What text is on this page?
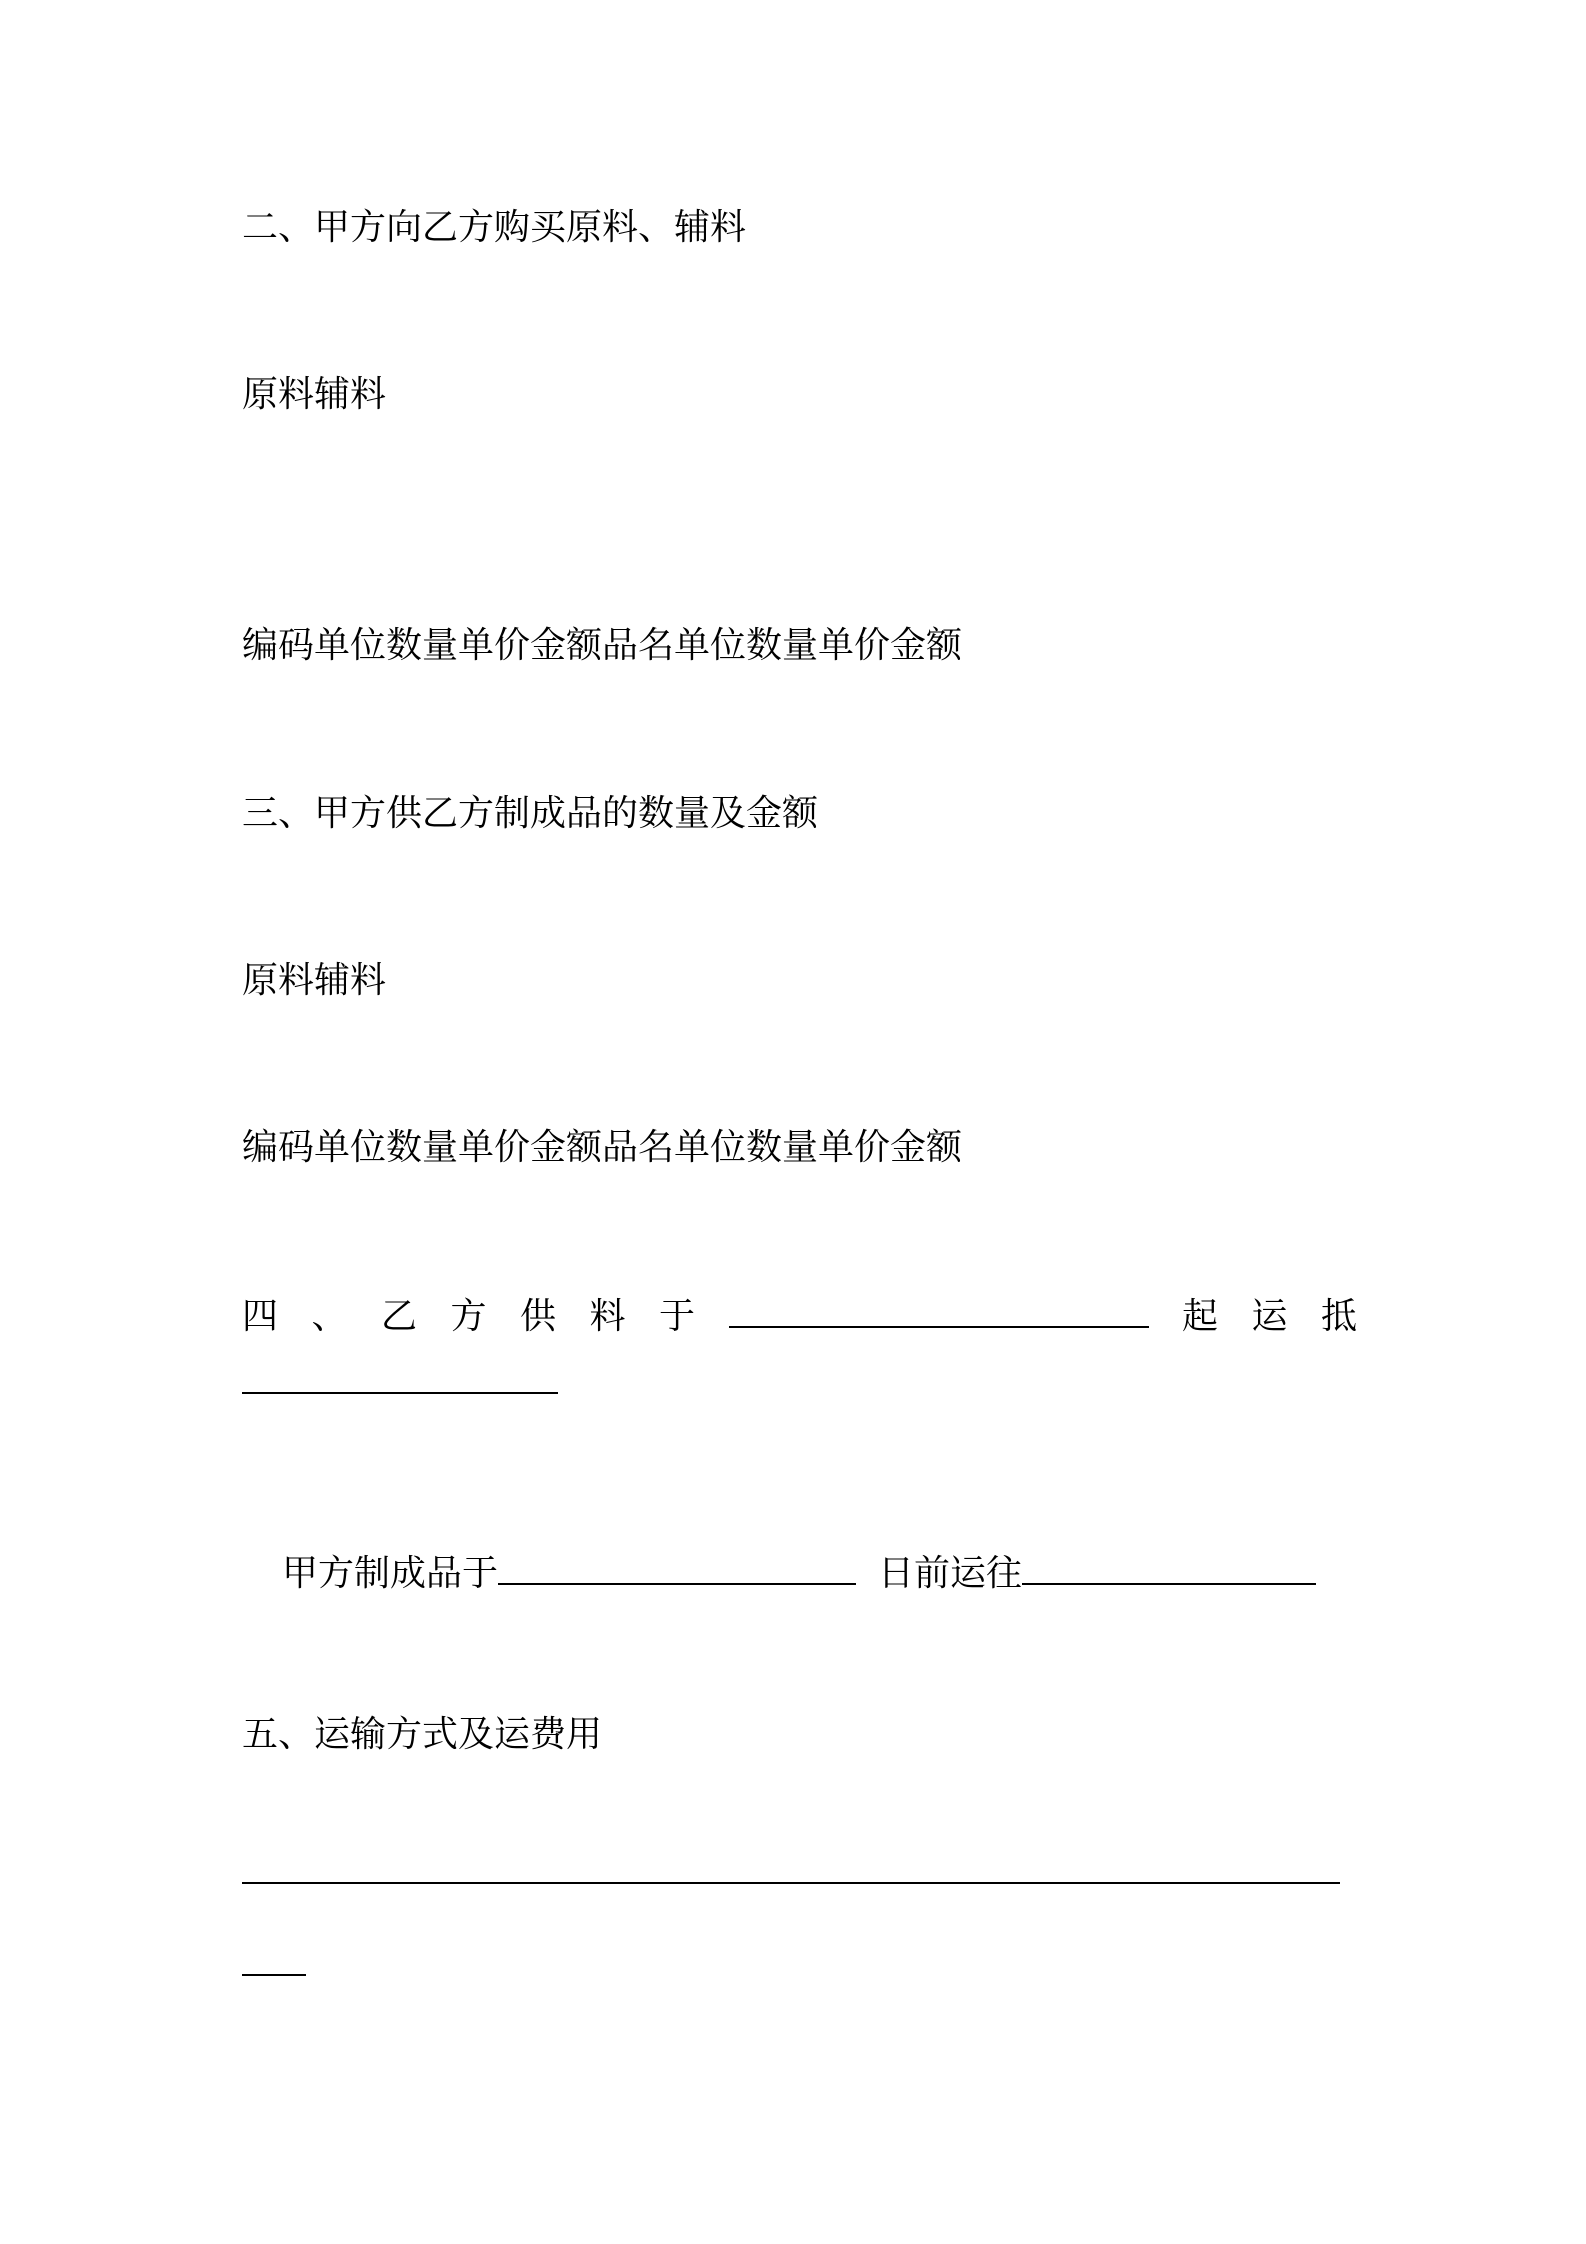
二、甲方向乙方购买原料、辅料
原料辅料
编码单位数量单价金额品名单位数量单价金额
三、甲方供乙方制成品的数量及金额
原料辅料
编码单位数量单价金额品名单位数量单价金额
四 、 乙 方 供 料 于	起 运 抵
甲方制成品于	日前运往
五、运输方式及运费用
